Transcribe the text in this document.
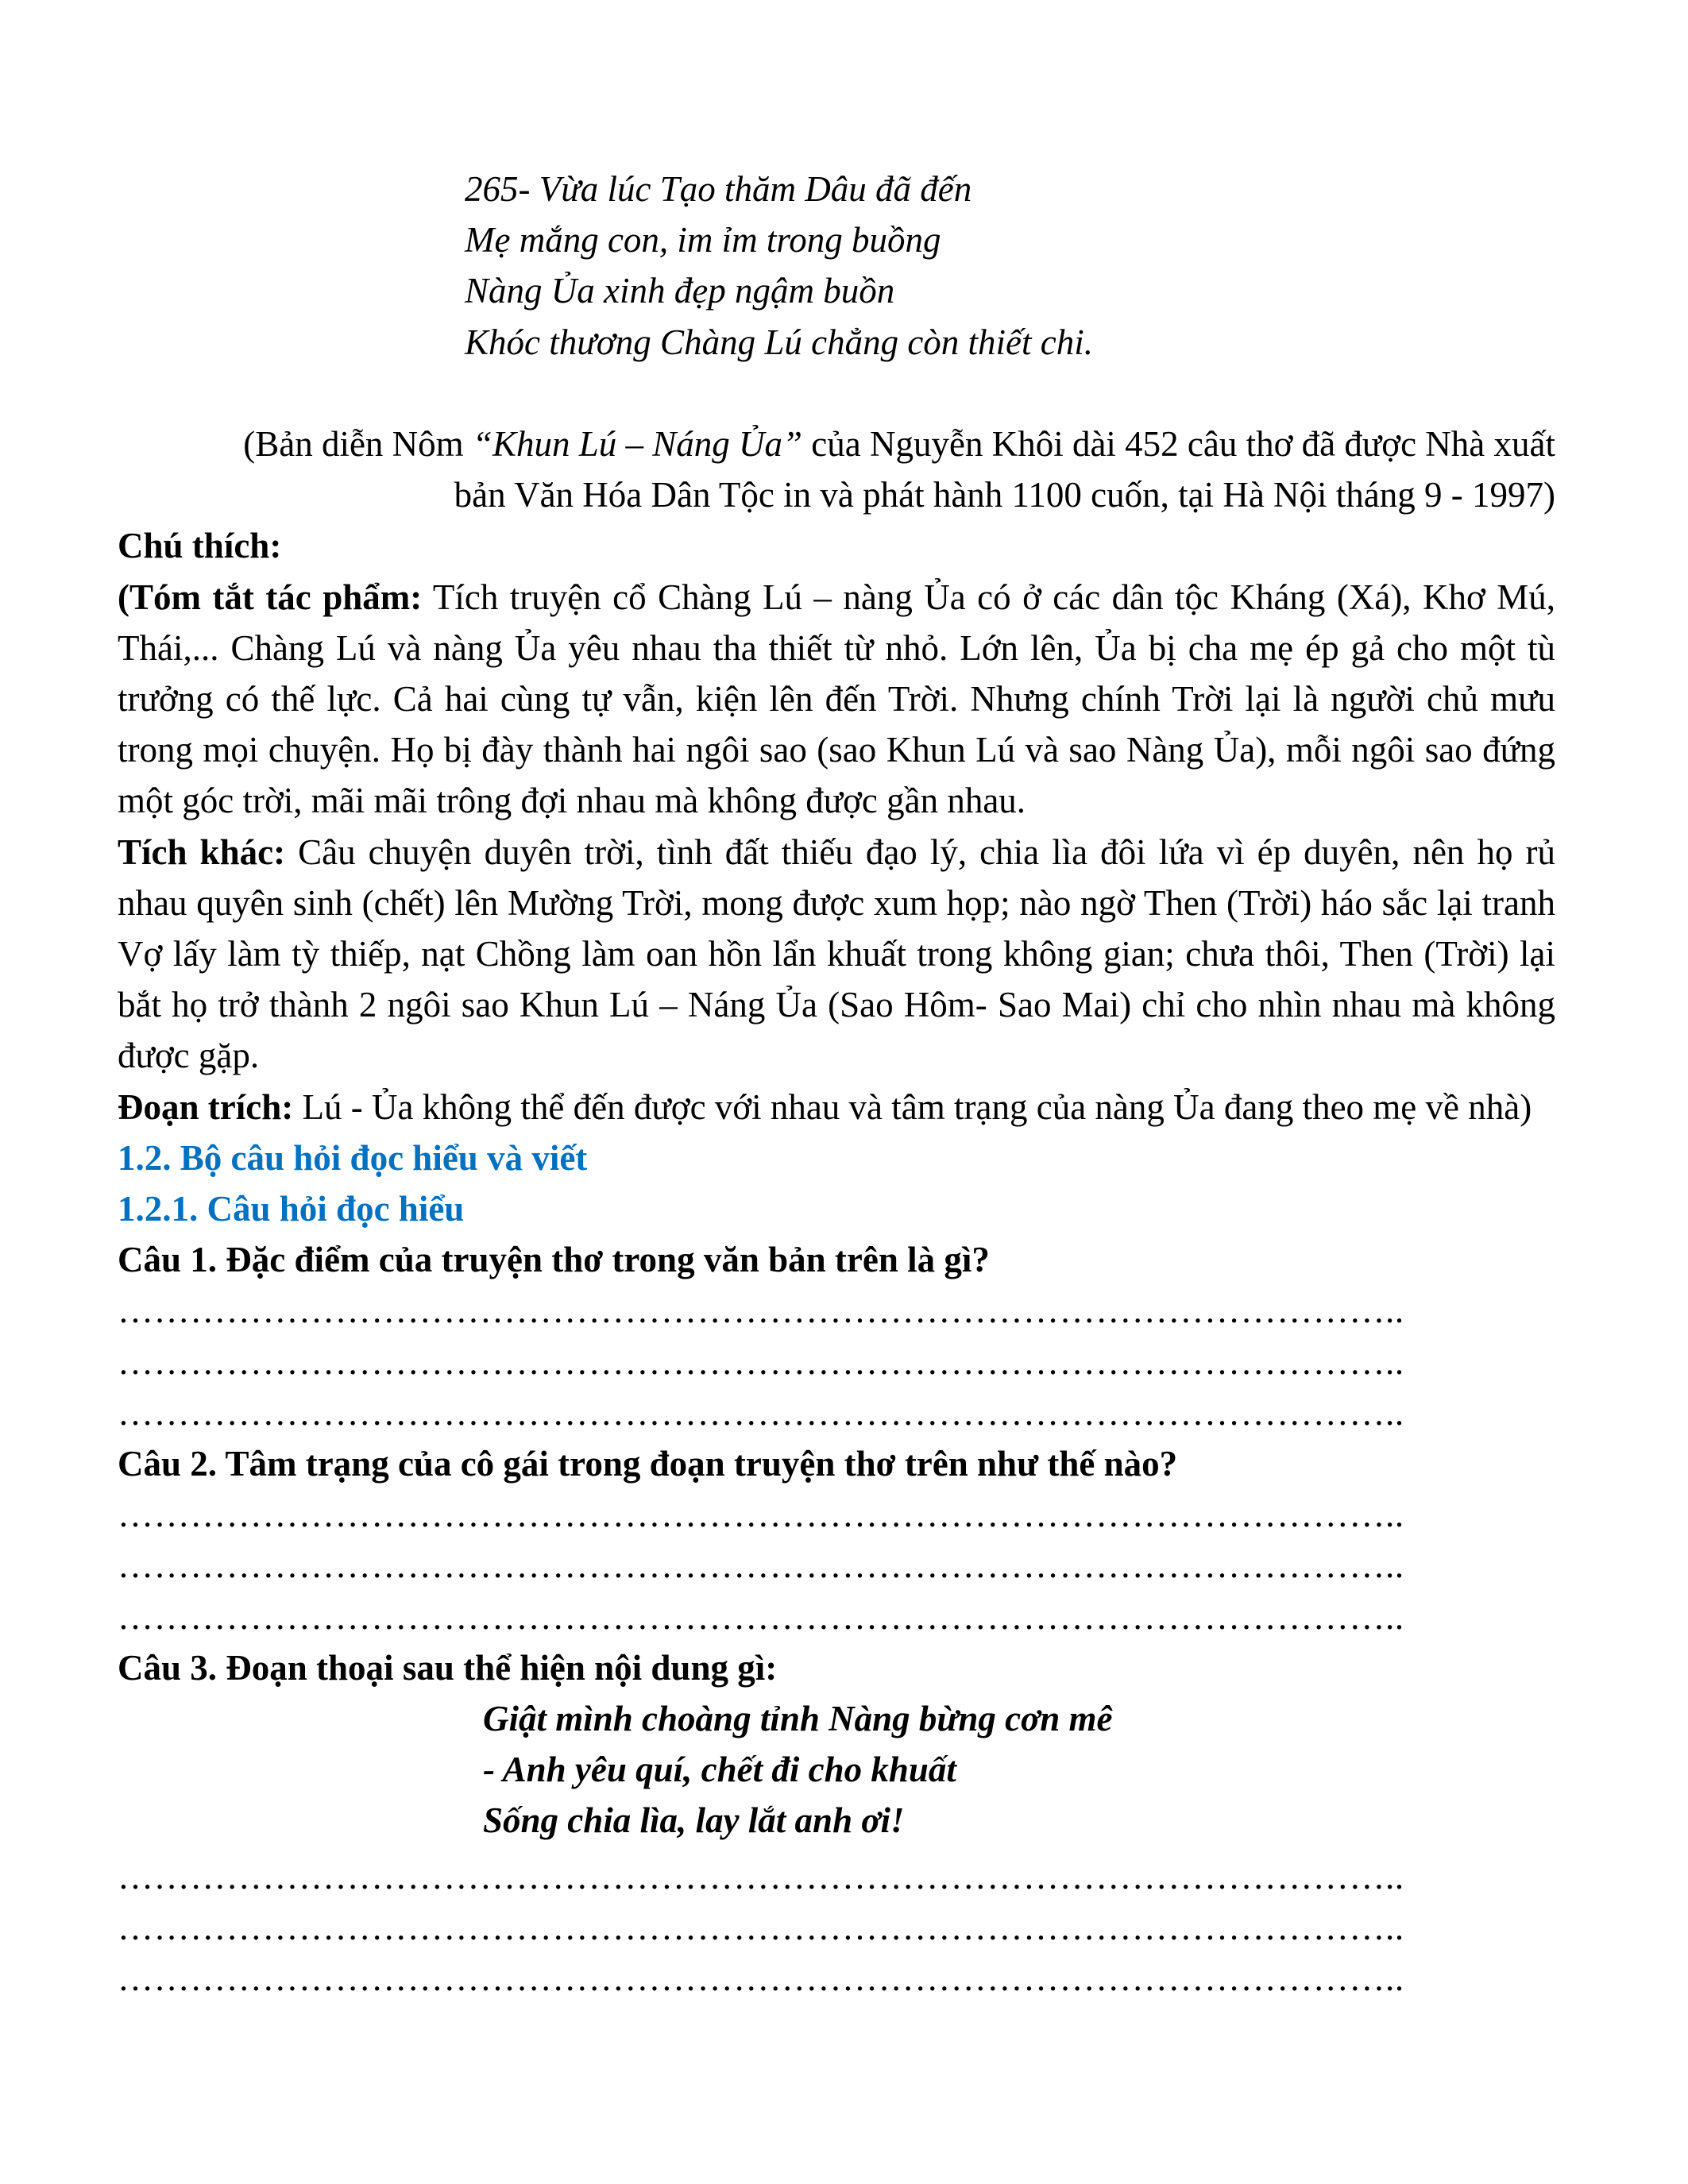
265- Vừa lúc Tạo thăm Dâu đã đến
Mẹ mắng con, im ỉm trong buồng
Nàng Ủa xinh đẹp ngậm buồn
Khóc thương Chàng Lú chẳng còn thiết chi.
(Bản diễn Nôm “Khun Lú – Náng Ủa” của Nguyễn Khôi dài 452 câu thơ đã được Nhà xuất
bản Văn Hóa Dân Tộc in và phát hành 1100 cuốn, tại Hà Nội tháng 9 - 1997)
Chú thích:
(Tóm tắt tác phẩm: Tích truyện cổ Chàng Lú – nàng Ủa có ở các dân tộc Kháng (Xá), Khơ Mú, Thái,... Chàng Lú và nàng Ủa yêu nhau tha thiết từ nhỏ. Lớn lên, Ủa bị cha mẹ ép gả cho một tù trưởng có thế lực. Cả hai cùng tự vẫn, kiện lên đến Trời. Nhưng chính Trời lại là người chủ mưu trong mọi chuyện. Họ bị đày thành hai ngôi sao (sao Khun Lú và sao Nàng Ủa), mỗi ngôi sao đứng một góc trời, mãi mãi trông đợi nhau mà không được gần nhau.
Tích khác: Câu chuyện duyên trời, tình đất thiếu đạo lý, chia lìa đôi lứa vì ép duyên, nên họ rủ nhau quyên sinh (chết) lên Mường Trời, mong được xum họp; nào ngờ Then (Trời) háo sắc lại tranh Vợ lấy làm tỳ thiếp, nạt Chồng làm oan hồn lẩn khuất trong không gian; chưa thôi, Then (Trời) lại bắt họ trở thành 2 ngôi sao Khun Lú – Náng Ủa (Sao Hôm- Sao Mai) chỉ cho nhìn nhau mà không được gặp.
Đoạn trích: Lú - Ủa không thể đến được với nhau và tâm trạng của nàng Ủa đang theo mẹ về nhà)
1.2. Bộ câu hỏi đọc hiểu và viết
1.2.1. Câu hỏi đọc hiểu
Câu 1. Đặc điểm của truyện thơ trong văn bản trên là gì?
……………………………………………………………………………………………..
……………………………………………………………………………………………..
……………………………………………………………………………………………..
Câu 2. Tâm trạng của cô gái trong đoạn truyện thơ trên như thế nào?
……………………………………………………………………………………………..
……………………………………………………………………………………………..
……………………………………………………………………………………………..
Câu 3. Đoạn thoại sau thể hiện nội dung gì:
Giật mình choàng tỉnh Nàng bừng cơn mê
- Anh yêu quí, chết đi cho khuất
Sống chia lìa, lay lắt anh ơi!
……………………………………………………………………………………………..
……………………………………………………………………………………………..
……………………………………………………………………………………………..
